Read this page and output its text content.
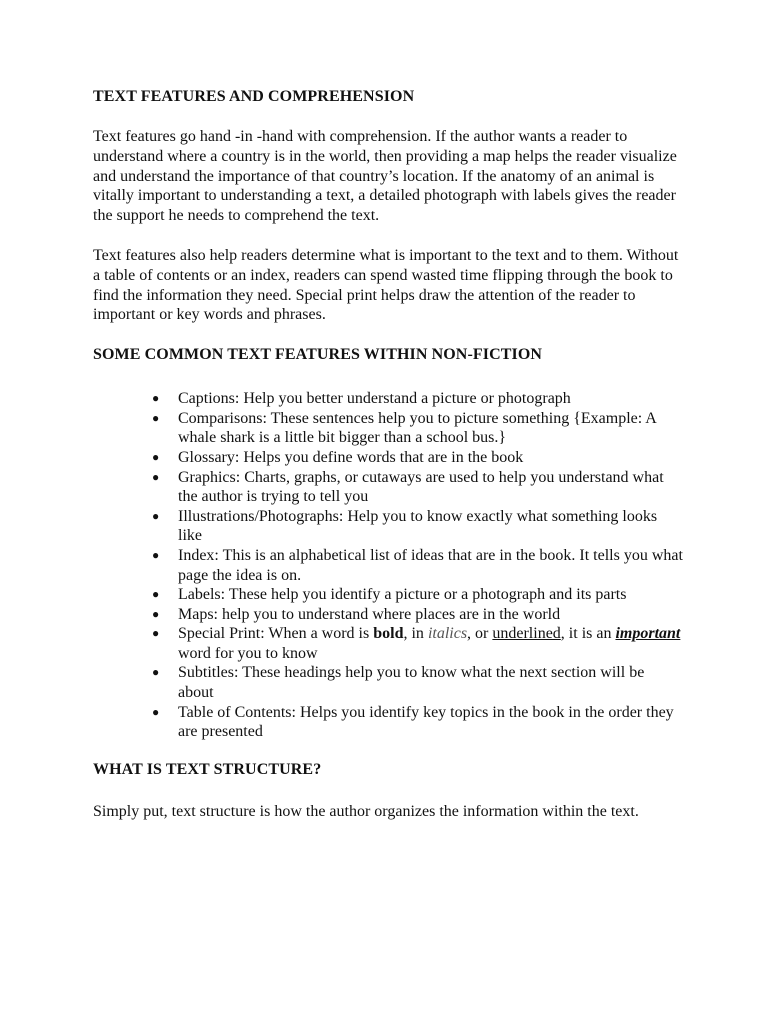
TEXT FEATURES AND COMPREHENSION

Text features go hand -in -hand with comprehension. If the author wants a reader to understand where a country is in the world, then providing a map helps the reader visualize and understand the importance of that country’s location. If the anatomy of an animal is vitally important to understanding a text, a detailed photograph with labels gives the reader the support he needs to comprehend the text.

Text features also help readers determine what is important to the text and to them. Without a table of contents or an index, readers can spend wasted time flipping through the book to find the information they need. Special print helps draw the attention of the reader to important or key words and phrases.

SOME COMMON TEXT FEATURES WITHIN NON-FICTION
● Captions: Help you better understand a picture or photograph
● Comparisons: These sentences help you to picture something {Example: A whale shark is a little bit bigger than a school bus.}
● Glossary: Helps you define words that are in the book
● Graphics: Charts, graphs, or cutaways are used to help you understand what the author is trying to tell you
● Illustrations/Photographs: Help you to know exactly what something looks like
● Index: This is an alphabetical list of ideas that are in the book. It tells you what page the idea is on.
● Labels: These help you identify a picture or a photograph and its parts
● Maps: help you to understand where places are in the world
● Special Print: When a word is bold, in italics, or underlined, it is an important word for you to know
● Subtitles: These headings help you to know what the next section will be about
● Table of Contents: Helps you identify key topics in the book in the order they are presented
WHAT IS TEXT STRUCTURE?

Simply put, text structure is how the author organizes the information within the text.
